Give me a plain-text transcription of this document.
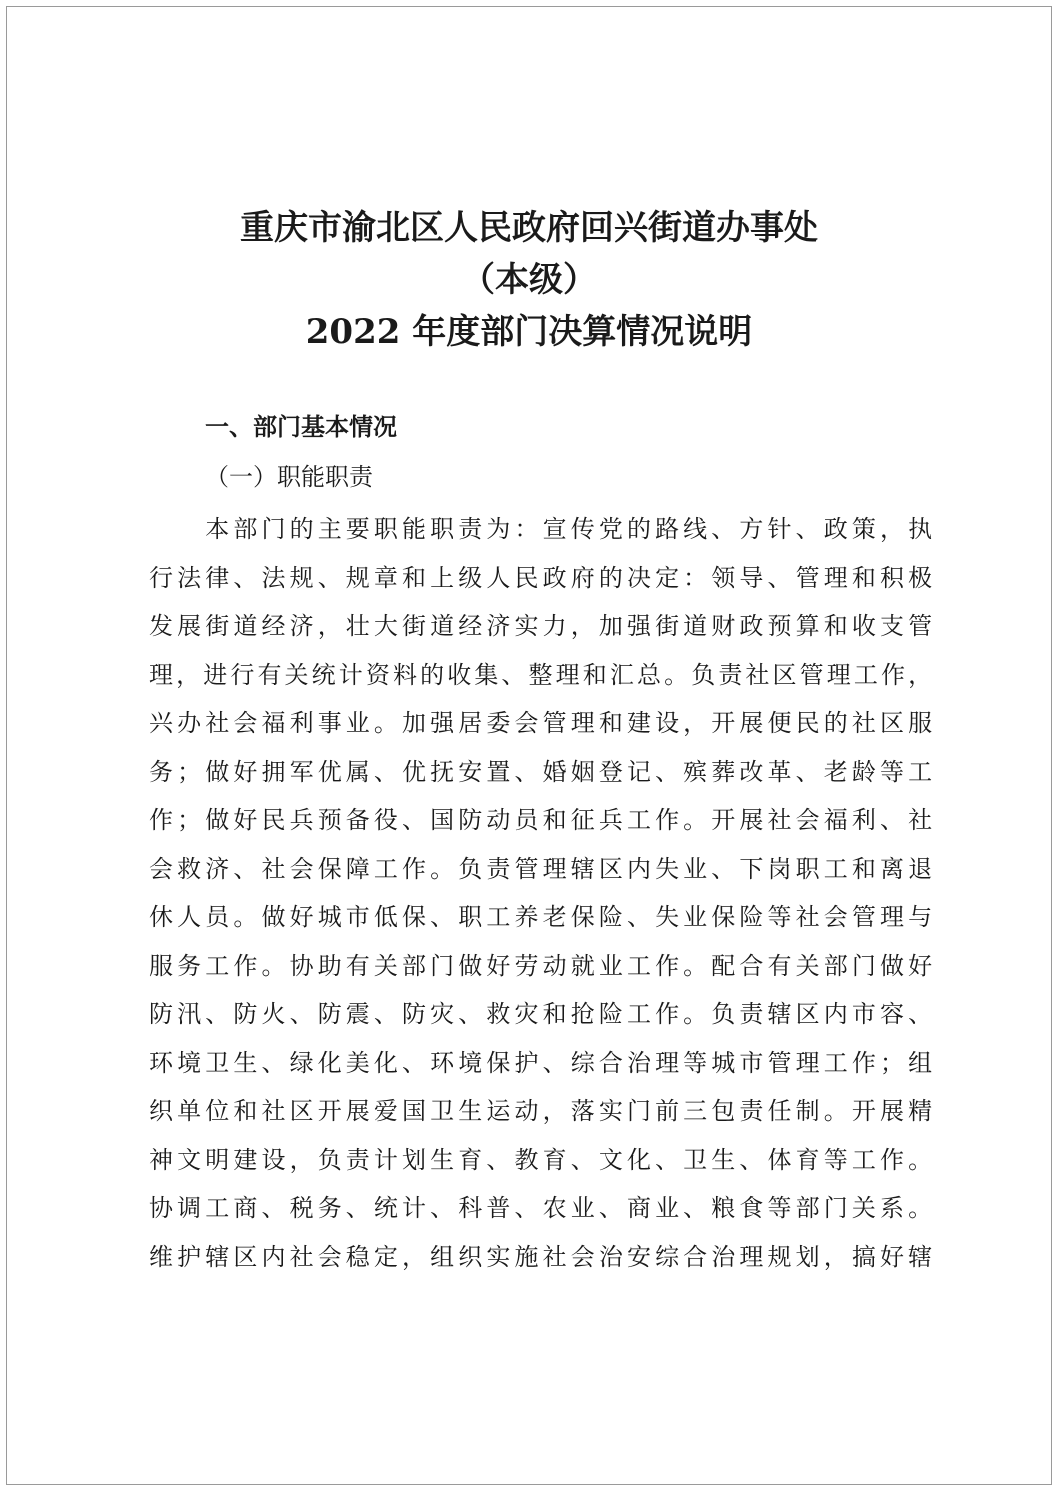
重庆市渝北区人民政府回兴街道办事处
（本级）
2022 年度部门决算情况说明
一、部门基本情况
（一）职能职责
　　本部门的主要职能职责为：宣传党的路线、方针、政策，执
行法律、法规、规章和上级人民政府的决定：领导、管理和积极
发展街道经济，壮大街道经济实力，加强街道财政预算和收支管
理，进行有关统计资料的收集、整理和汇总。负责社区管理工作，
兴办社会福利事业。加强居委会管理和建设，开展便民的社区服
务；做好拥军优属、优抚安置、婚姻登记、殡葬改革、老龄等工
作；做好民兵预备役、国防动员和征兵工作。开展社会福利、社
会救济、社会保障工作。负责管理辖区内失业、下岗职工和离退
休人员。做好城市低保、职工养老保险、失业保险等社会管理与
服务工作。协助有关部门做好劳动就业工作。配合有关部门做好
防汛、防火、防震、防灾、救灾和抢险工作。负责辖区内市容、
环境卫生、绿化美化、环境保护、综合治理等城市管理工作；组
织单位和社区开展爱国卫生运动，落实门前三包责任制。开展精
神文明建设，负责计划生育、教育、文化、卫生、体育等工作。
协调工商、税务、统计、科普、农业、商业、粮食等部门关系。
维护辖区内社会稳定，组织实施社会治安综合治理规划，搞好辖
